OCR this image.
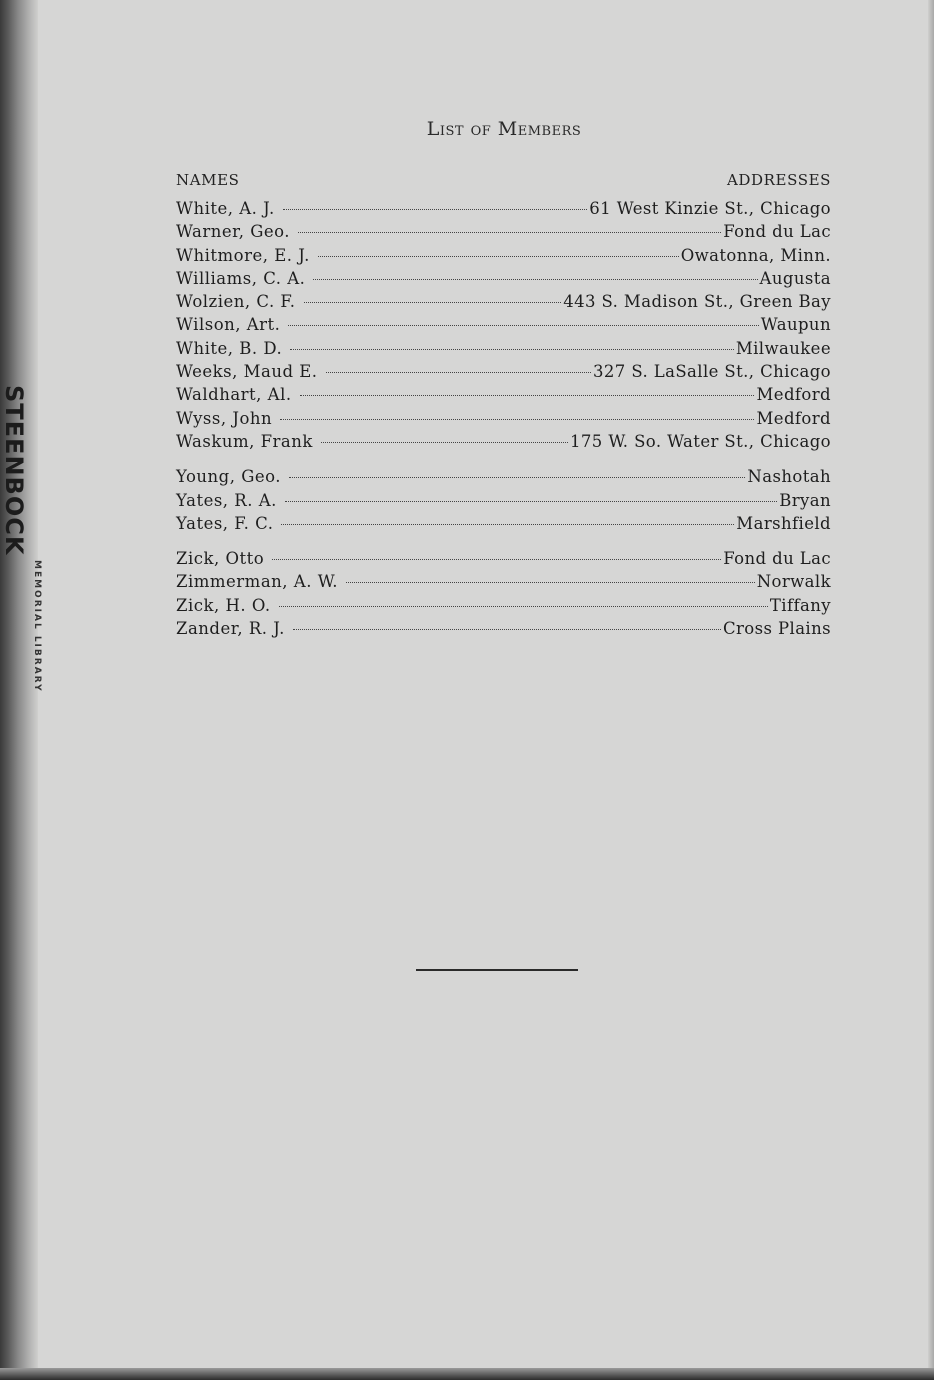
STEENBOCK
MEMORIAL LIBRARY
List of Members
NAMES	ADDRESSES
White, A. J.	61 West Kinzie St., Chicago
Warner, Geo.	Fond du Lac
Whitmore, E. J.	Owatonna, Minn.
Williams, C. A.	Augusta
Wolzien, C. F.	443 S. Madison St., Green Bay
Wilson, Art.	Waupun
White, B. D.	Milwaukee
Weeks, Maud E.	327 S. LaSalle St., Chicago
Waldhart, Al.	Medford
Wyss, John	Medford
Waskum, Frank	175 W. So. Water St., Chicago
Young, Geo.	Nashotah
Yates, R. A.	Bryan
Yates, F. C.	Marshfield
Zick, Otto	Fond du Lac
Zimmerman, A. W.	Norwalk
Zick, H. O.	Tiffany
Zander, R. J.	Cross Plains
